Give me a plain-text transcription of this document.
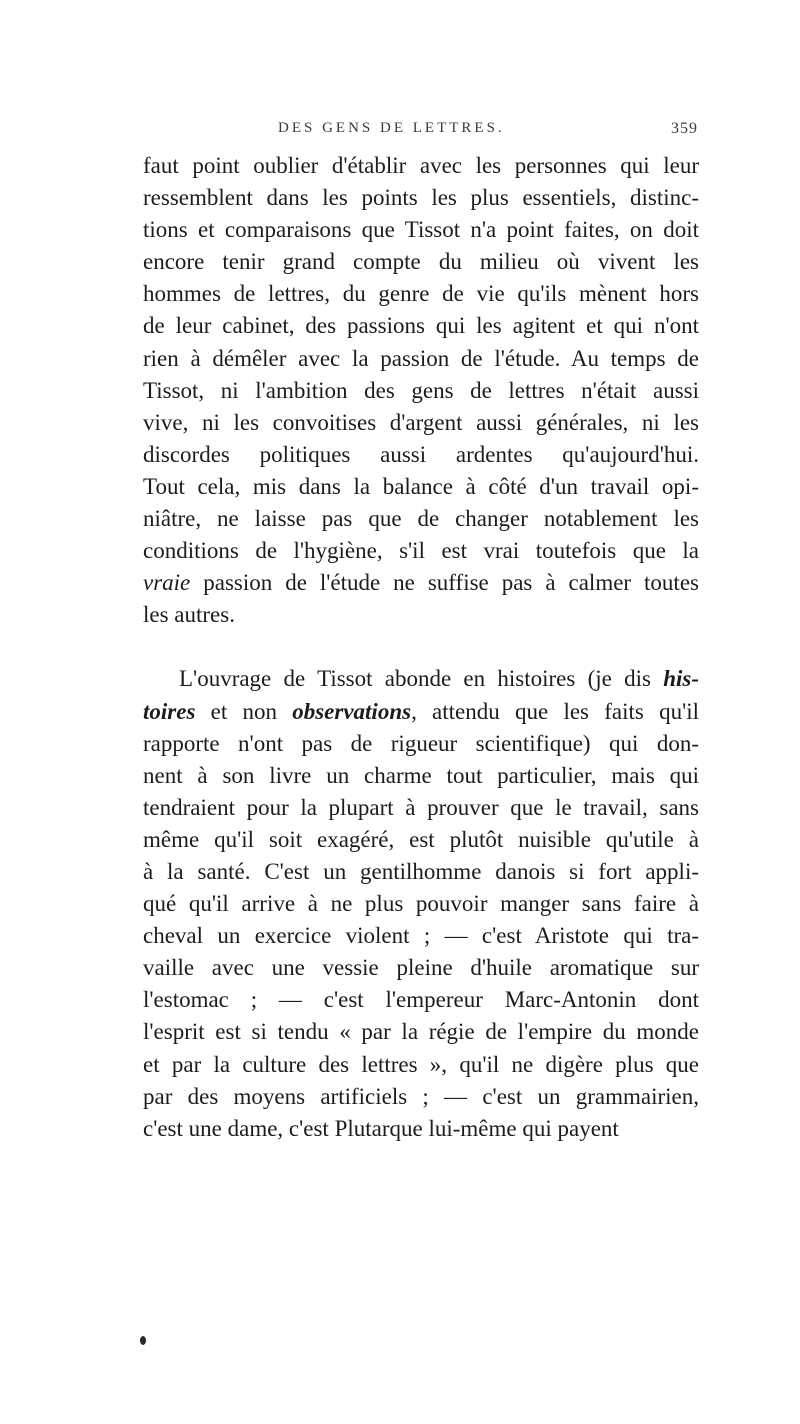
DES GENS DE LETTRES.	359
faut point oublier d'établir avec les personnes qui leur
ressemblent dans les points les plus essentiels, distinc-
tions et comparaisons que Tissot n'a point faites, on doit
encore tenir grand compte du milieu où vivent les
hommes de lettres, du genre de vie qu'ils mènent hors
de leur cabinet, des passions qui les agitent et qui n'ont
rien à démêler avec la passion de l'étude. Au temps de
Tissot, ni l'ambition des gens de lettres n'était aussi
vive, ni les convoitises d'argent aussi générales, ni les
discordes politiques aussi ardentes qu'aujourd'hui.
Tout cela, mis dans la balance à côté d'un travail opi-
niâtre, ne laisse pas que de changer notablement les
conditions de l'hygiène, s'il est vrai toutefois que la
vraie passion de l'étude ne suffise pas à calmer toutes
les autres.
L'ouvrage de Tissot abonde en histoires (je dis his-
toires et non observations, attendu que les faits qu'il
rapporte n'ont pas de rigueur scientifique) qui don-
nent à son livre un charme tout particulier, mais qui
tendraient pour la plupart à prouver que le travail, sans
même qu'il soit exagéré, est plutôt nuisible qu'utile à
à la santé. C'est un gentilhomme danois si fort appli-
qué qu'il arrive à ne plus pouvoir manger sans faire à
cheval un exercice violent ; — c'est Aristote qui tra-
vaille avec une vessie pleine d'huile aromatique sur
l'estomac ; — c'est l'empereur Marc-Antonin dont
l'esprit est si tendu « par la régie de l'empire du monde
et par la culture des lettres », qu'il ne digère plus que
par des moyens artificiels ; — c'est un grammairien,
c'est une dame, c'est Plutarque lui-même qui payent
